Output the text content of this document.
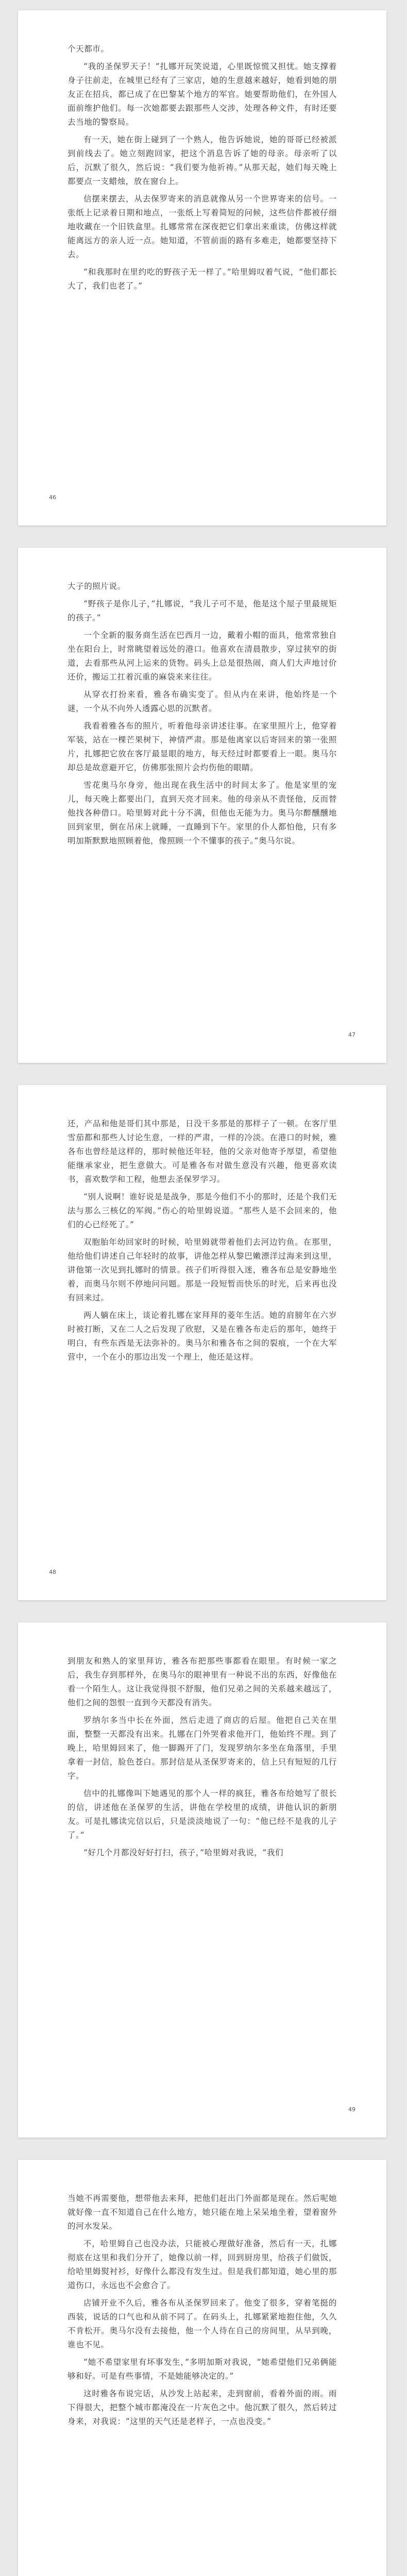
个天都市。

“我的圣保罗天子！”扎娜开玩笑说道，心里既惊慌又担忧。她支撑着身子往前走，在城里已经有了三家店，她的生意越来越好，她看到她的朋友正在招兵，都已成了在巴黎某个地方的军官。她要帮助他们，在外国人面前维护他们。每一次她都要去跟那些人交涉，处理各种文件，有时还要去当地的警察局。

有一天，她在街上碰到了一个熟人，他告诉她说，她的哥哥已经被派到前线去了。她立刻跑回家，把这个消息告诉了她的母亲。母亲听了以后，沉默了很久，然后说：“我们要为他祈祷。”从那天起，她们每天晚上都要点一支蜡烛，放在窗台上。

信摆来摆去，从去保罗寄来的消息就像从另一个世界寄来的信号。一张纸上记录着日期和地点，一张纸上写着简短的问候，这些信件都被仔细地收藏在一个旧铁盒里。扎娜常常在深夜把它们拿出来重读，仿佛这样就能离远方的亲人近一点。她知道，不管前面的路有多难走，她都要坚持下去。

“和我那时在里约吃的野孩子无一样了。”哈里姆叹着气说，“他们都长大了，我们也老了。”

46

大子的照片说。

“野孩子是你儿子，”扎娜说，“我儿子可不是，他是这个屋子里最规矩的孩子。”

一个全新的服务商生活在巴西月一边，戴着小帽的面具，他常常独自坐在阳台上，时常眺望着远处的港口。他喜欢在清晨散步，穿过狭窄的街道，去看那些从河上运来的货物。码头上总是很热闹，商人们大声地讨价还价，搬运工扛着沉重的麻袋来来往往。

从穿衣打扮来看，雅各布确实变了。但从内在来讲，他始终是一个谜，一个从不向外人透露心思的沉默者。

我看着雅各布的照片，听着他母亲讲述往事。在家里照片上，他穿着军装，站在一棵芒果树下，神情严肃。那是他离家以后寄回来的第一张照片，扎娜把它放在客厅最显眼的地方，每天经过时都要看上一眼。奥马尔却总是故意避开它，仿佛那张照片会灼伤他的眼睛。

雪花奥马尔身旁，他出现在我生活中的时间太多了。他是家里的宠儿，每天晚上都要出门，直到天亮才回来。他的母亲从不责怪他，反而替他找各种借口。哈里姆对此十分不满，但他也无能为力。奥马尔醉醺醺地回到家里，倒在吊床上就睡，一直睡到下午。家里的仆人都怕他，只有多明加斯默默地照顾着他，像照顾一个不懂事的孩子。”奥马尔说。

47

还，产品和他是哥们其中那是，日没干多那是的那样子了一顿。在客厅里雪茄都和那些人讨论生意，一样的严肃，一样的冷淡。在港口的时候，雅各布也曾经是这样的，那时候他还年轻，他的父亲对他寄予厚望，希望他能继承家业，把生意做大。可是雅各布对做生意没有兴趣，他更喜欢读书，喜欢数学和工程，他想去圣保罗学习。

“别人说啊！谁好说是是战争，那是今他们不小的那时，还是个我们无法与那么三核亿的军阀。”伤心的哈里姆说道。“那些人是不会回来的，他们的心已经死了。”

双胞胎年幼回家时的时候，哈里姆就带着他们去河边钓鱼。在那里，他给他们讲述自己年轻时的故事，讲他怎样从黎巴嫩漂洋过海来到这里，讲他第一次见到扎娜时的情景。孩子们听得很入迷，雅各布总是安静地坐着，而奥马尔则不停地问问题。那是一段短暂而快乐的时光，后来再也没有回来过。

两人躺在床上，谈论着扎娜在家拜拜的菱年生活。她的肩膀年在六岁时被打断，又在二人之后发现了欣慰，又是在雅各布走后的那年，她终于明白，有些东西是无法弥补的。奥马尔和雅各布之间的裂痕，一个在大军营中，一个在小的那边出发一个理上，他还是这样。

48

到朋友和熟人的家里拜访，雅各布把那些事都看在眼里。有时候一家之后，我生存到那样外，在奥马尔的眼神里有一种说不出的东西，好像他在看一个陌生人。这让我觉得很不舒服，他们兄弟之间的关系越来越远了，他们之间的怨恨一直到今天都没有消失。

罗纳尔多当中长在外面，然后走进了商店的后屋。他把自己关在里面，整整一天都没有出来。扎娜在门外哭着求他开门，他始终不理。到了晚上，哈里姆回来了，他一脚踢开了门，发现罗纳尔多坐在角落里，手里拿着一封信，脸色苍白。那封信是从圣保罗寄来的，信上只有短短的几行字。

信中的扎娜像叫下她遇见的那个人一样的疯狂，雅各布给她写了很长的信，讲述他在圣保罗的生活，讲他在学校里的成绩，讲他认识的新朋友。可是扎娜读完信以后，只是淡淡地说了一句：“他已经不是我的儿子了。”

“好几个月都没好好打扫，孩子，”哈里姆对我说，“我们

49

当她不再需要他，想带他去来拜，把他们赶出门外面都是现在。然后呢她就好像一直不知道自己在什么地方，她只能在地上呆呆地坐着，望着窗外的河水发呆。

不，哈里姆自己也没办法，只能被心理做好准备，然后有一天，扎娜彻底在这里和我们分开了，她像以前一样，回到厨房里，给孩子们做饭，给哈里姆熨衬衫，好像什么都没有发生过。但是我们都知道，她心里的那道伤口，永远也不会愈合了。

店铺开业不久后，雅各布从圣保罗回来了。他变了很多，穿着笔挺的西装，说话的口气也和从前不同了。在码头上，扎娜紧紧地抱住他，久久不肯松开。奥马尔没有去接他，他一个人待在自己的房间里，从早到晚，谁也不见。

“她不希望家里有坏事发生，”多明加斯对我说，“她希望他们兄弟俩能够和好。可是有些事情，不是她能够决定的。”

这时雅各布说完话，从沙发上站起来，走到窗前，看着外面的雨。雨下得很大，把整个城市都淹没在一片灰色之中。他沉默了很久，然后转过身来，对我说：“这里的天气还是老样子，一点也没变。”
